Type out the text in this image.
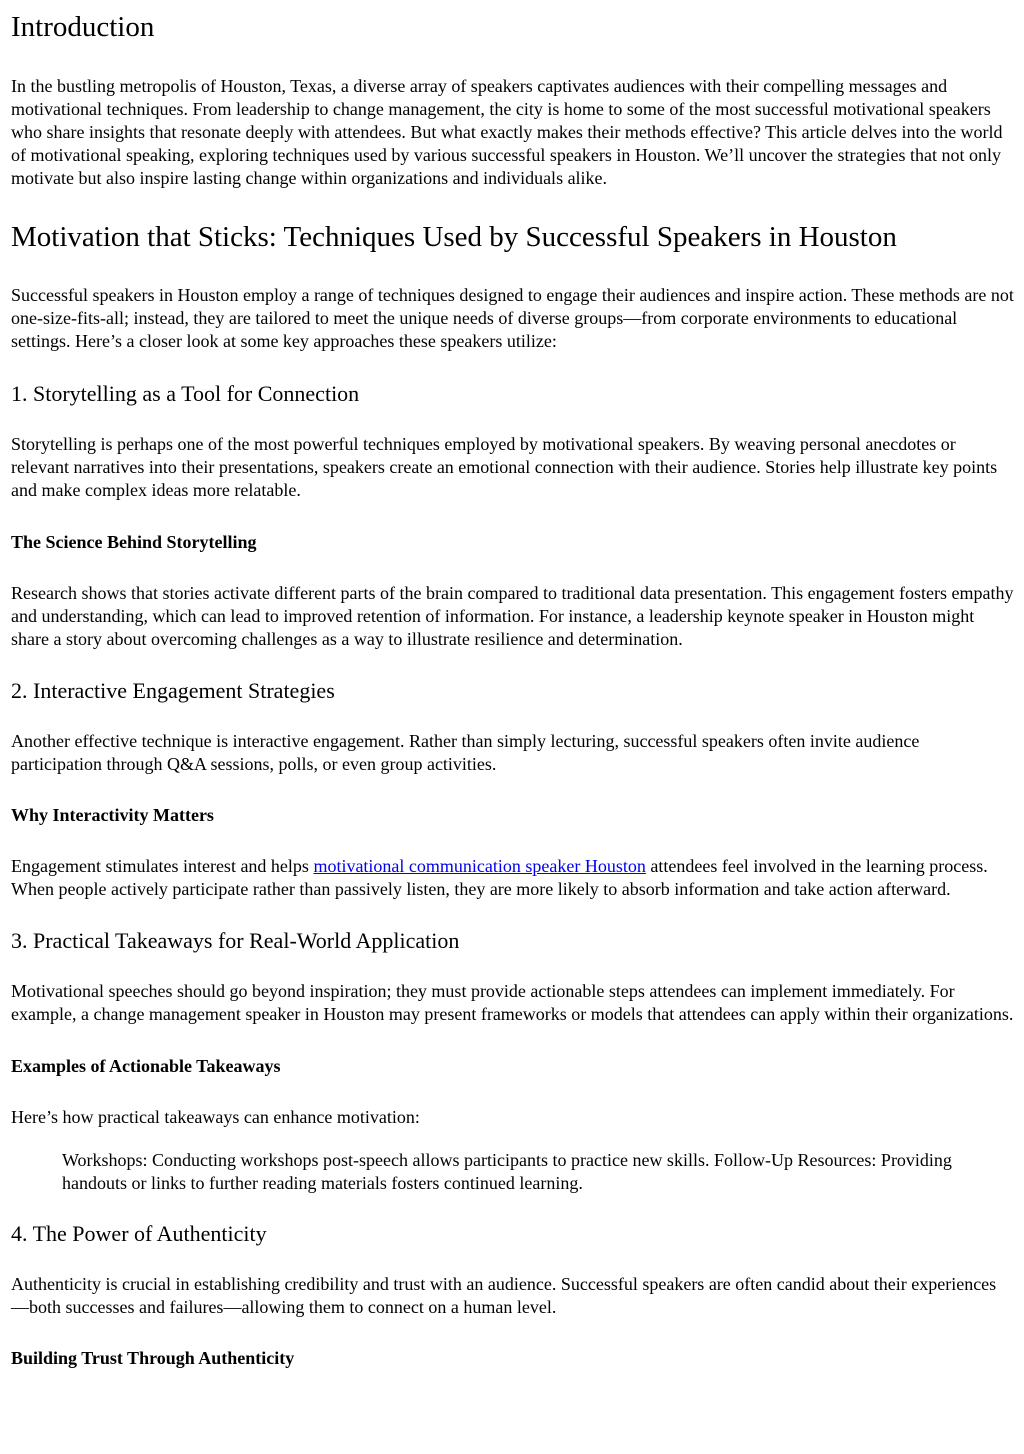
Introduction

In the bustling metropolis of Houston, Texas, a diverse array of speakers captivates audiences with their compelling messages and motivational techniques. From leadership to change management, the city is home to some of the most successful motivational speakers who share insights that resonate deeply with attendees. But what exactly makes their methods effective? This article delves into the world of motivational speaking, exploring techniques used by various successful speakers in Houston. We’ll uncover the strategies that not only motivate but also inspire lasting change within organizations and individuals alike.

Motivation that Sticks: Techniques Used by Successful Speakers in Houston

Successful speakers in Houston employ a range of techniques designed to engage their audiences and inspire action. These methods are not one-size-fits-all; instead, they are tailored to meet the unique needs of diverse groups—from corporate environments to educational settings. Here’s a closer look at some key approaches these speakers utilize:

1. Storytelling as a Tool for Connection

Storytelling is perhaps one of the most powerful techniques employed by motivational speakers. By weaving personal anecdotes or relevant narratives into their presentations, speakers create an emotional connection with their audience. Stories help illustrate key points and make complex ideas more relatable.

The Science Behind Storytelling

Research shows that stories activate different parts of the brain compared to traditional data presentation. This engagement fosters empathy and understanding, which can lead to improved retention of information. For instance, a leadership keynote speaker in Houston might share a story about overcoming challenges as a way to illustrate resilience and determination.

2. Interactive Engagement Strategies

Another effective technique is interactive engagement. Rather than simply lecturing, successful speakers often invite audience participation through Q&A sessions, polls, or even group activities.

Why Interactivity Matters

Engagement stimulates interest and helps motivational communication speaker Houston attendees feel involved in the learning process. When people actively participate rather than passively listen, they are more likely to absorb information and take action afterward.

3. Practical Takeaways for Real-World Application

Motivational speeches should go beyond inspiration; they must provide actionable steps attendees can implement immediately. For example, a change management speaker in Houston may present frameworks or models that attendees can apply within their organizations.

Examples of Actionable Takeaways

Here’s how practical takeaways can enhance motivation:

Workshops: Conducting workshops post-speech allows participants to practice new skills. Follow-Up Resources: Providing handouts or links to further reading materials fosters continued learning.
4. The Power of Authenticity

Authenticity is crucial in establishing credibility and trust with an audience. Successful speakers are often candid about their experiences—both successes and failures—allowing them to connect on a human level.

Building Trust Through Authenticity
